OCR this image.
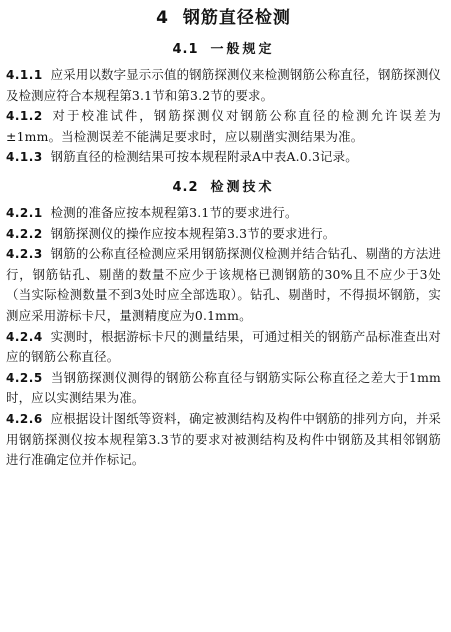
4 钢筋直径检测
4.1 一般规定

4.1.1 应采用以数字显示示值的钢筋探测仪来检测钢筋公称直径，钢筋探测仪及检测应符合本规程第3.1节和第3.2节的要求。

4.1.2 对于校准试件，钢筋探测仪对钢筋公称直径的检测允许误差为±1mm。当检测误差不能满足要求时，应以剔凿实测结果为准。

4.1.3 钢筋直径的检测结果可按本规程附录A中表A.0.3记录。

4.2 检测技术

4.2.1 检测的准备应按本规程第3.1节的要求进行。

4.2.2 钢筋探测仪的操作应按本规程第3.3节的要求进行。

4.2.3 钢筋的公称直径检测应采用钢筋探测仪检测并结合钻孔、剔凿的方法进行，钢筋钻孔、剔凿的数量不应少于该规格已测钢筋的30%且不应少于3处（当实际检测数量不到3处时应全部选取）。钻孔、剔凿时，不得损坏钢筋，实测应采用游标卡尺，量测精度应为0.1mm。

4.2.4 实测时，根据游标卡尺的测量结果，可通过相关的钢筋产品标准查出对应的钢筋公称直径。

4.2.5 当钢筋探测仪测得的钢筋公称直径与钢筋实际公称直径之差大于1mm时，应以实测结果为准。

4.2.6 应根据设计图纸等资料，确定被测结构及构件中钢筋的排列方向，并采用钢筋探测仪按本规程第3.3节的要求对被测结构及构件中钢筋及其相邻钢筋进行准确定位并作标记。
